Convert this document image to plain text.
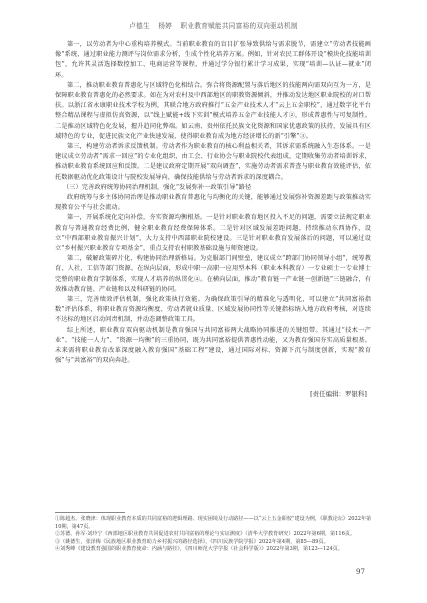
卢德生 杨婷 职业教育赋能共同富裕的双向驱动机制

第一，以劳动者为中心重构培养模式。当前职业教育的盲目扩张导致供给与需求脱节，需建立“劳动者技能画像”系统，通过职业能力测评与岗位需求分析，生成个性化培养方案。例如，针对农民工群体开设“模块化技能培训包”，允许其灵活选择数控加工、电商运营等课程，并通过学分银行累计学习成果，实现“培训—认证—就业”闭环。

第二，推动职业教育普惠化与区域特色化相结合。弥合将资源配置与落后地区的技能两向需双向互为一方，是保障职业教育普惠化的必然要求。如在为对农村及中西部地区的职教资源倾斜，并推动发达地区职业院校的对口帮扶。以浙江省永康职业技术学校为例，其联合地方政府推行“五金产业技术人才“云上五金职校”，通过数字化平台整合精品课程与虚拟仿真资源，以“线上赋能+线下实训”模式培养五金产业技能人才②，形成普惠性与可复制性。二是推动区域特色化发展，握升趋同化弊端。如云南、贵州依托民族文化资源和国家优惠政策的扶持，发展具有区域特色的专业，促进民族文化产业快速发展，使得职业教育成为地方经济增长的新“引擎”③。

第三，构建劳动者诉求反馈机制。劳动者作为职业教育的核心利益相关者，其诉求需系统融入生态体系。一是建议成立劳动者“需求一回应”的专业化组织，由工会、行业协会与职业院校代表组成，定期收集劳动者培训诉求，推动职业教育系统回应和反馈。二是建议政府定期开展“双向调查”，实施劳动者需求普查与职业教育效能评估，依托数据驱动优化政策设计与院校发展导向，确保技能供给与劳动者诉求的深度耦合。

（三）完善政府统筹协同治理机制，强化“发展弥补一政策引导”路径

政府统筹与多主体协同治理是推动职业教育普惠化与均衡化的关键，能够通过发展弥补资源差距与政策推动实现教育公平与社会流动。

第一，开展系统化定向补偿，夯实资源均衡根基。一是针对职业教育地区投入不足的问题，需要立法规定职业教育与普通教育经费比例，健全职业教育经费保障体系。二是针对区域发展差距问题，持续推动东西协作，设立“中西部职业教育振兴计划”，大力支持中西部职业院校建设。三是针对职业教育发展落后的问题，可以通过设立“乡村振兴职业教育专项基金”，重点支持农村职教基础设施与师资建设。

第二，破解政策碎片化，构建协同治理新格局。为克服部门间壁垒，建议成立“跨部门协同领导小组”，统筹教育、人社、工信等部门资源。在纵向层面，形成中职一高职一应用型本科（职业本科教育）一专业硕士一专业博士完整的职业教育学制体系，实现人才培养的纵贯化④。在横向层面，推动“教育链一产业链一创新链”三链融合，有效推动教育链、产业链和以及科研链的协同。

第三，完善绩效评估机制，强化政策执行效能。为确保政策引导的精准化与透明化，可以建立“共同富裕指数”评估体系，将职业教育资源均衡度、劳动者就业质量、区域发展协同性等关键指标纳入地方政府考核，对连续不达标的地区启动问责机制，并动态调整政策工具。

综上所述，职业教育双向驱动机制是教育强国与共同富裕两大战略协同推进的关键纽带。其通过“技术一产业”、“技能一人力”、“资源一均衡”的三重协同，既为共同富裕提供普惠性动能，又为教育强国夯实高质量根基。未来需将职业教育改革深度融入教育强国“基础工程”建设，通过国际对标、资源下沉与制度创新，实现“教育强”与“共富裕”的双向奔赴。

[责任编辑：罗银科]
①陈超杰、张晓津：体现职业教育本质的共同富裕的逻辑理路、现实困境及行动路径——以“云上五金职校”建设为例，《职教论坛》2022年第10期，第47页。
②苏德、孙军·刘玲宁《西部地区职业教育共同促进农村共同富裕的理论与实证测度》（清华大学教育研究）2022年第6期，第116页。
③（姚德生，张泽梅《民族地区职业教育助力乡村振兴的路径选择》，《四川民族学院学报》2022年第4期，第85—89页。
④刘秀峰《建设教育强国的职业教育使命：内涵与路径》，《四川师范大学学报（社会科学版）》2022年第3期，第123—124页。
97
